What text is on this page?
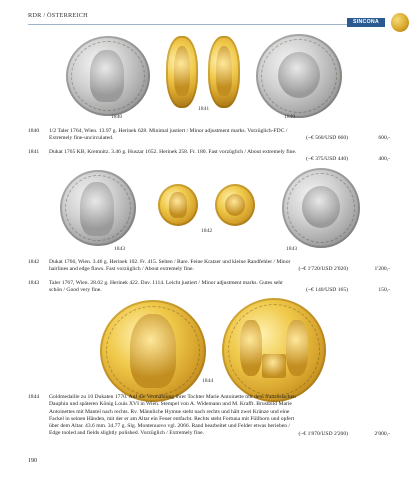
RDR / ÖSTERREICH
SINCONA
1841
1840	1840
1840 1/2 Taler 1764, Wien. 13.97 g. Herinek 628. Minimal justiert / Minor adjustment marks. Vorzüglich-FDC /
Extremely fine-uncirculated.	(~€ 560/USD 660)	600,-
1841 Dukat 1765 KB, Kremnitz. 3.46 g. Huszar 1652. Herinek 258. Fr. 180. Fast vorzüglich / About extremely fine.
(~€ 375/USD 440)	400,-
1842
1843	1843
1842 Dukat 1766, Wien. 3.46 g. Herinek 102. Fr. 415. Selten / Rare. Feine Kratzer und kleine Randfehler / Minor
hairlines and edge flaws. Fast vorzüglich / About extremely fine.	(~€ 1'720/USD 2'020)	1'200,-
1843 Taler 1767, Wien. 28.02 g. Herinek 422. Dav. 1114. Leicht justiert / Minor adjustment marks. Gutes sehr
schön / Good very fine.	(~€ 140/USD 165)	150,-
1844
1844 Goldmedaille zu 10 Dukaten 1770. Auf die Vermählung ihrer Tochter Marie Antoinette mit dem französischen
Dauphin und späteren König Louis XVI in Wien. Stempel von A. Widemann und M. Krafft. Brustbild Marie
Antoinettes mit Mantel nach rechts. Rv. Männliche Hymne steht nach rechts und hält zwei Kränze und eine
Fackel in seinen Händen, mit der er am Altar ein Feuer entfacht. Rechts steht Fortuna mit Füllhorn und opfert
über dem Altar. 43.6 mm. 34.77 g. Slg. Montenuovo vgl. 2066. Rand bearbeitet und Felder etwas berieben /
Edge tooled and fields slightly polished. Vorzüglich / Extremely fine.	(~€ 1'870/USD 2'200)	2'000,-
190
